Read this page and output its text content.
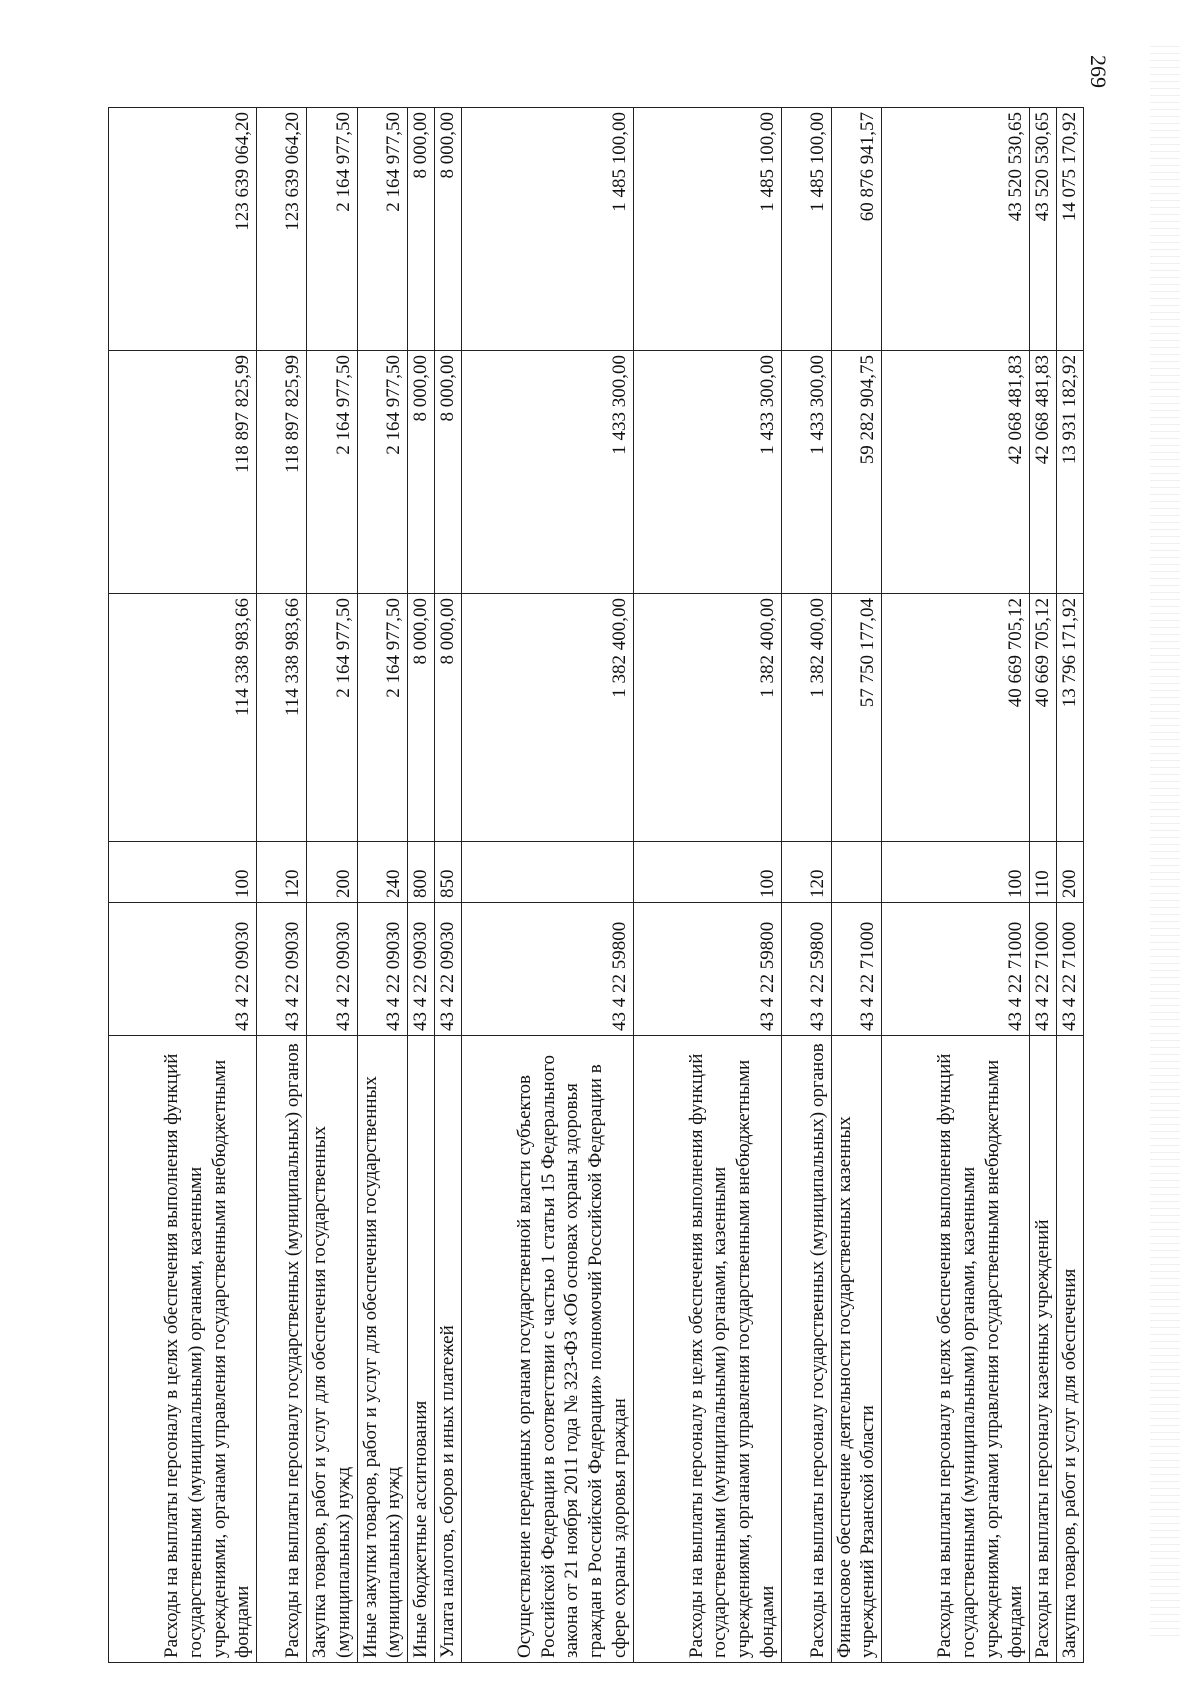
269
Расходы на выплаты персоналу в целях обеспечения выполнения функций государственными (муниципальными) органами, казенными учреждениями, органами управления государственными внебюджетными фондами	43 4 22 09030	100	114 338 983,66	118 897 825,99	123 639 064,20
Расходы на выплаты персоналу государственных (муниципальных) органов	43 4 22 09030	120	114 338 983,66	118 897 825,99	123 639 064,20
Закупка товаров, работ и услуг для обеспечения государственных (муниципальных) нужд	43 4 22 09030	200	2 164 977,50	2 164 977,50	2 164 977,50
Иные закупки товаров, работ и услуг для обеспечения государственных (муниципальных) нужд	43 4 22 09030	240	2 164 977,50	2 164 977,50	2 164 977,50
Иные бюджетные ассигнования	43 4 22 09030	800	8 000,00	8 000,00	8 000,00
Уплата налогов, сборов и иных платежей	43 4 22 09030	850	8 000,00	8 000,00	8 000,00
Осуществление переданных органам государственной власти субъектов Российской Федерации в соответствии с частью 1 статьи 15 Федерального закона от 21 ноября 2011 года № 323-ФЗ «Об основах охраны здоровья граждан в Российской Федерации» полномочий Российской Федерации в сфере охраны здоровья граждан	43 4 22 59800		1 382 400,00	1 433 300,00	1 485 100,00
Расходы на выплаты персоналу в целях обеспечения выполнения функций государственными (муниципальными) органами, казенными учреждениями, органами управления государственными внебюджетными фондами	43 4 22 59800	100	1 382 400,00	1 433 300,00	1 485 100,00
Расходы на выплаты персоналу государственных (муниципальных) органов	43 4 22 59800	120	1 382 400,00	1 433 300,00	1 485 100,00
Финансовое обеспечение деятельности государственных казенных учреждений Рязанской области	43 4 22 71000		57 750 177,04	59 282 904,75	60 876 941,57
Расходы на выплаты персоналу в целях обеспечения выполнения функций государственными (муниципальными) органами, казенными учреждениями, органами управления государственными внебюджетными фондами	43 4 22 71000	100	40 669 705,12	42 068 481,83	43 520 530,65
Расходы на выплаты персоналу казенных учреждений	43 4 22 71000	110	40 669 705,12	42 068 481,83	43 520 530,65
Закупка товаров, работ и услуг для обеспечения	43 4 22 71000	200	13 796 171,92	13 931 182,92	14 075 170,92
